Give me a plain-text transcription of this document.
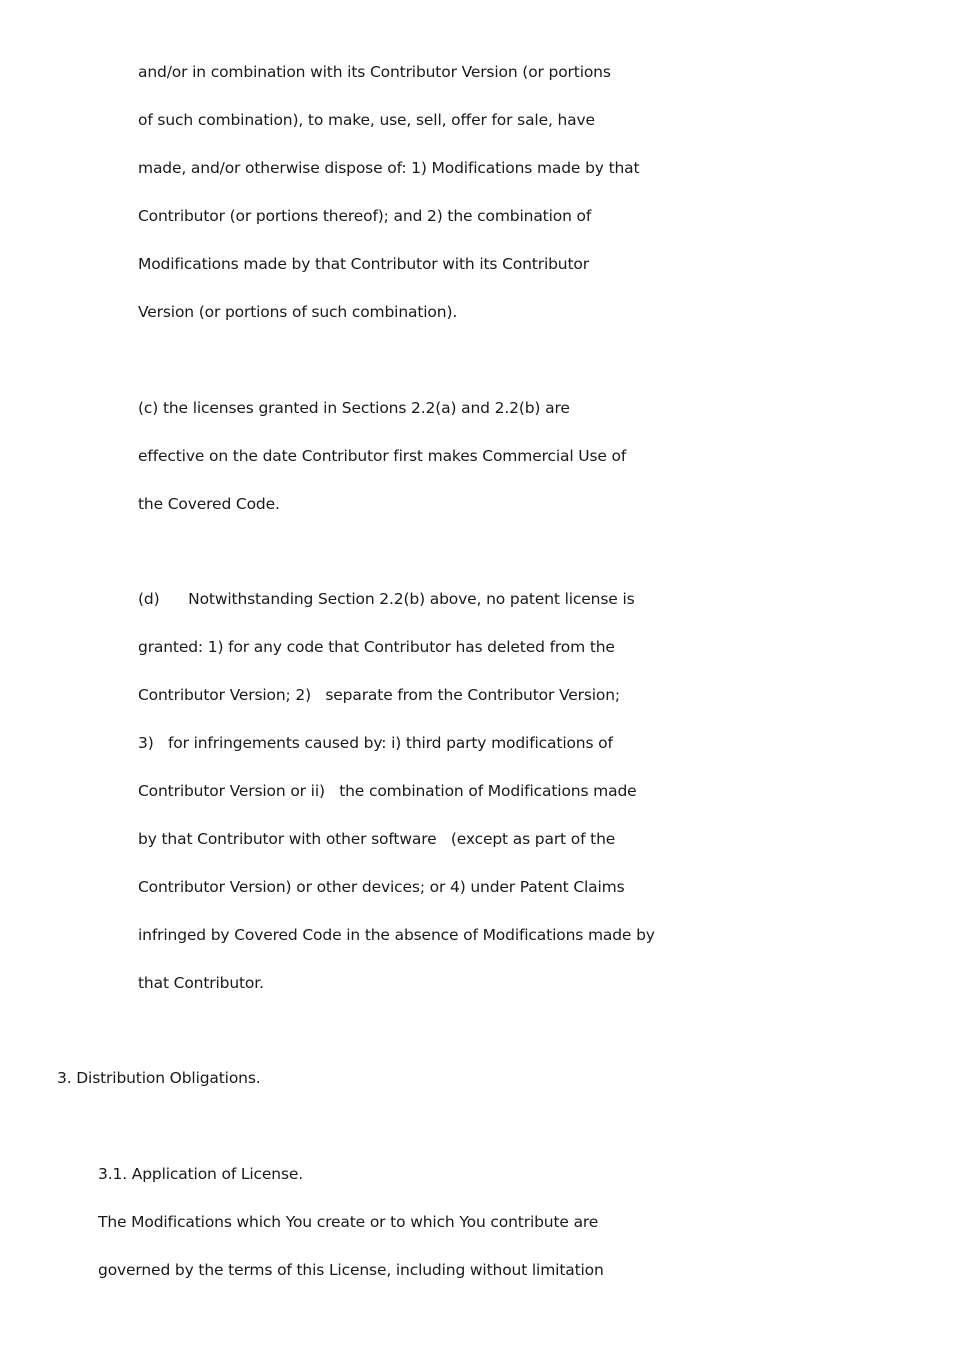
and/or in combination with its Contributor Version (or portions
of such combination), to make, use, sell, offer for sale, have
made, and/or otherwise dispose of: 1) Modifications made by that
Contributor (or portions thereof); and 2) the combination of
Modifications made by that Contributor with its Contributor
Version (or portions of such combination).
(c) the licenses granted in Sections 2.2(a) and 2.2(b) are
effective on the date Contributor first makes Commercial Use of
the Covered Code.
(d)      Notwithstanding Section 2.2(b) above, no patent license is
granted: 1) for any code that Contributor has deleted from the
Contributor Version; 2)   separate from the Contributor Version;
3)   for infringements caused by: i) third party modifications of
Contributor Version or ii)   the combination of Modifications made
by that Contributor with other software   (except as part of the
Contributor Version) or other devices; or 4) under Patent Claims
infringed by Covered Code in the absence of Modifications made by
that Contributor.
3. Distribution Obligations.
3.1. Application of License.
The Modifications which You create or to which You contribute are
governed by the terms of this License, including without limitation
